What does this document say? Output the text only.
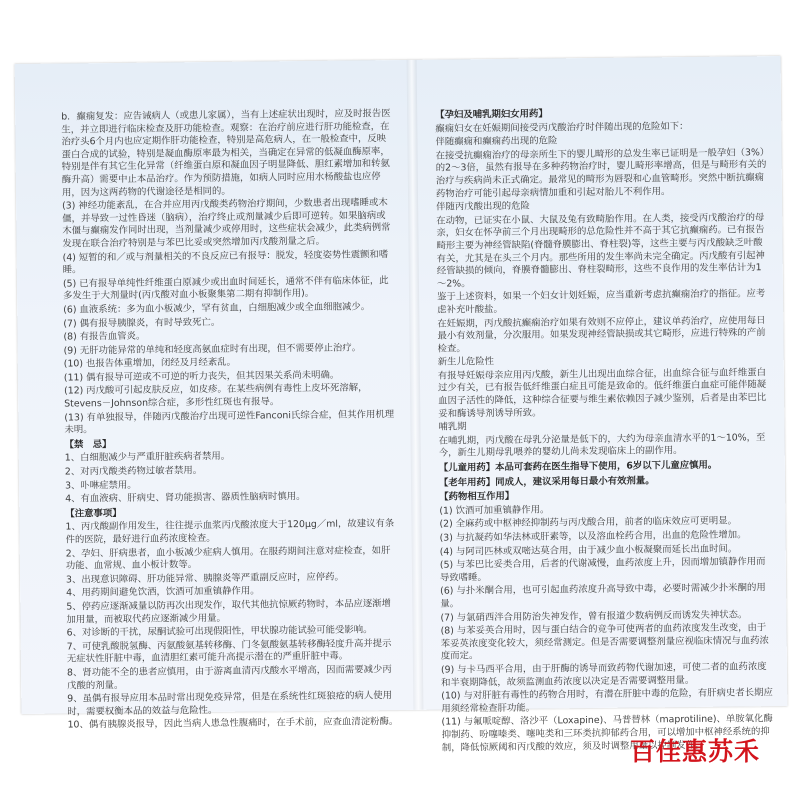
b．癫痫复发：应告诫病人（或患儿家属），当有上述症状出现时，应及时报告医生，并立即进行临床检查及肝功能检查。观察：在治疗前应进行肝功能检查，在治疗头6个月内也应定期作肝功能检查，特别是高危病人，在一般检查中，反映蛋白合成的试验，特别是凝血酶原率最为相关，当确定在异常的低凝血酶原率，特别是伴有其它生化异常（纤维蛋白原和凝血因子明显降低、胆红素增加和转氨酶升高）需要中止本品治疗。作为预防措施，如病人同时应用水杨酸盐也应停用，因为这两药物的代谢途径是相同的。

(3) 神经功能紊乱，在合并应用丙戊酸类药物治疗期间，少数患者出现嗜睡或木僵，并导致一过性昏迷（脑病），治疗终止或剂量减少后即可逆转。如果脑病或木僵与癫痫发作同时出现，当剂量减少或停用时，这些症状会减少，此类病例常发现在联合治疗特别是与苯巴比妥或突然增加丙戊酸剂量之后。

(4) 短暂的和／或与剂量相关的不良反应已有报导：脱发，轻度姿势性震颤和嗜睡。

(5) 已有报导单纯性纤维蛋白原减少或出血时间延长，通常不伴有临床体征，此多发生于大剂量时(丙戊酸对血小板聚集第二期有抑制作用)。

(6) 血液系统：多为血小板减少，罕有贫血，白细胞减少或全血细胞减少。

(7) 偶有报导胰腺炎，有时导致死亡。

(8) 有报告血管炎。

(9) 无肝功能异常的单纯和轻度高氨血症时有出现，但不需要停止治疗。

(10) 也报告体重增加，闭经及月经紊乱。

(11) 偶有报导可逆或不可逆的听力丧失，但其因果关系尚未明确。

(12) 丙戊酸可引起皮肤反应，如皮疹。在某些病例有毒性上皮坏死溶解，Stevens－Johnson综合症，多形性红斑也有报导。

(13) 有单独报导，伴随丙戊酸治疗出现可逆性Fanconi氏综合症，但其作用机理未明。

【禁　忌】

1、白细胞减少与严重肝脏疾病者禁用。

2、对丙戊酸类药物过敏者禁用。

3、卟啉症禁用。

4、有血液病、肝病史、肾功能损害、器质性脑病时慎用。

【注意事项】

1、丙戊酸副作用发生，往往提示血浆丙戊酸浓度大于120μg／ml，故建议有条件的医院，最好进行血药浓度检查。

2、孕妇、肝病患者，血小板减少症病人慎用。在服药期间注意对症检查，如肝功能、血常规、血小板计数等。

3、出现意识障碍、肝功能异常、胰腺炎等严重副反应时，应停药。

4、用药期间避免饮酒，饮酒可加重镇静作用。

5、停药应逐渐减量以防再次出现发作，取代其他抗惊厥药物时，本品应逐渐增加用量，而被取代药应逐渐减少用量。

6、对诊断的干扰，尿酮试验可出现假阳性，甲状腺功能试验可能受影响。

7、可使乳酸脱氢酶、丙氨酸氨基转移酶、门冬氨酸氨基转移酶轻度升高并提示无症状性肝脏中毒，血清胆红素可能升高提示潜在的严重肝脏中毒。

8、肾功能不全的患者应慎用，由于游离血清丙戊酸水平增高，因而需要减少丙戊酸的剂量。

9、虽偶有报导应用本品时常出现免疫异常，但是在系统性红斑狼疮的病人使用时，需要权衡本品的效益与危险性。

10、偶有胰腺炎报导，因此当病人患急性腹痛时，在手术前，应查血清淀粉酶。

【孕妇及哺乳期妇女用药】

癫痫妇女在妊娠期间接受丙戊酸治疗时伴随出现的危险如下：

伴随癫痫和癫痫药出现的危险

在接受抗癫痫治疗的母亲所生下的婴儿畸形的总发生率已证明是一般孕妇（3%）的2～3倍，虽然有报导在多种药物治疗时，婴儿畸形率增高，但是与畸形有关的治疗与疾病尚未正式确定。最常见的畸形为唇裂和心血管畸形。突然中断抗癫痫药物治疗可能引起母亲病情加重和引起对胎儿不利作用。

伴随丙戊酸出现的危险

在动物，已证实在小鼠、大鼠及兔有致畸胎作用。在人类，接受丙戊酸治疗的母亲，妇女在怀孕前三个月出现畸形的总危险性并不高于其它抗癫痫药。已有报告畸形主要为神经管缺陷(脊髓脊膜膨出、脊柱裂)等，这些主要与丙戊酸缺乏叶酸有关，尤其是在头三个月内。那些所用的发生率尚未完全确定。丙戊酸有引起神经管缺损的倾向，脊膜脊髓膨出、脊柱裂畸形，这些不良作用的发生率估计为1～2%。

鉴于上述资料，如果一个妇女计划妊娠，应当重新考虑抗癫痫治疗的指征。应考虑补充叶酸盐。

在妊娠期，丙戊酸抗癫痫治疗如果有效则不应停止，建议单药治疗，应使用每日最小有效剂量，分次服用。如果发现神经管缺损或其它畸形，应进行特殊的产前检查。

新生儿危险性

有报导妊娠母亲应用丙戊酸，新生儿出现出血综合征，出血综合征与血纤维蛋白过少有关，已有报告低纤维蛋白症且可能是致命的。低纤维蛋白血症可能伴随凝血因子活性的降低，这种综合征要与维生素依赖因子减少鉴别，后者是由苯巴比妥和酶诱导剂诱导所致。

哺乳期

在哺乳期，丙戊酸在母乳分泌量是低下的，大约为母亲血清水平的1～10%，至今，新生儿期母乳喂养的婴幼儿尚未发现临床上的副作用。

【儿童用药】本品可套药在医生指导下使用，6岁以下儿童应慎用。

【老年用药】同成人，建议采用每日最小有效剂量。

【药物相互作用】

(1) 饮酒可加重镇静作用。

(2) 全麻药或中枢神经抑制药与丙戊酸合用，前者的临床效应可更明显。

(3) 与抗凝药如华法林或肝素等，以及溶血栓药合用，出血的危险性增加。

(4) 与阿司匹林或双嘧达莫合用，由于减少血小板凝聚而延长出血时间。

(5) 与苯巴比妥类合用，后者的代谢减慢，血药浓度上升，因而增加镇静作用而导致嗜睡。

(6) 与扑米酮合用，也可引起血药浓度升高导致中毒，必要时需减少扑米酮的用量。

(7) 与氯硝西泮合用防治失神发作，曾有报道少数病例反而诱发失神状态。

(8) 与苯妥英合用时，因与蛋白结合的竞争可使两者的血药浓度发生改变，由于苯妥英浓度变化较大，须经常测定。但是否需要调整剂量应视临床情况与血药浓度而定。

(9) 与卡马西平合用，由于肝酶的诱导而致药物代谢加速，可使二者的血药浓度和半衰期降低，故须监测血药浓度以决定是否需要调整用量。

(10) 与对肝脏有毒性的药物合用时，有潜在肝脏中毒的危险，有肝病史者长期应用须经常检查肝功能。

(11) 与氟哌啶醇、洛沙平（Loxapine)、马普替林（maprotiline)、单胺氧化酶抑制药、吩噻嗪类、噻吨类和三环类抗抑郁药合用，可以增加中枢神经系统的抑制，降低惊厥阈和丙戊酸的效应，须及时调整用量以控制发作。

百佳惠苏禾
